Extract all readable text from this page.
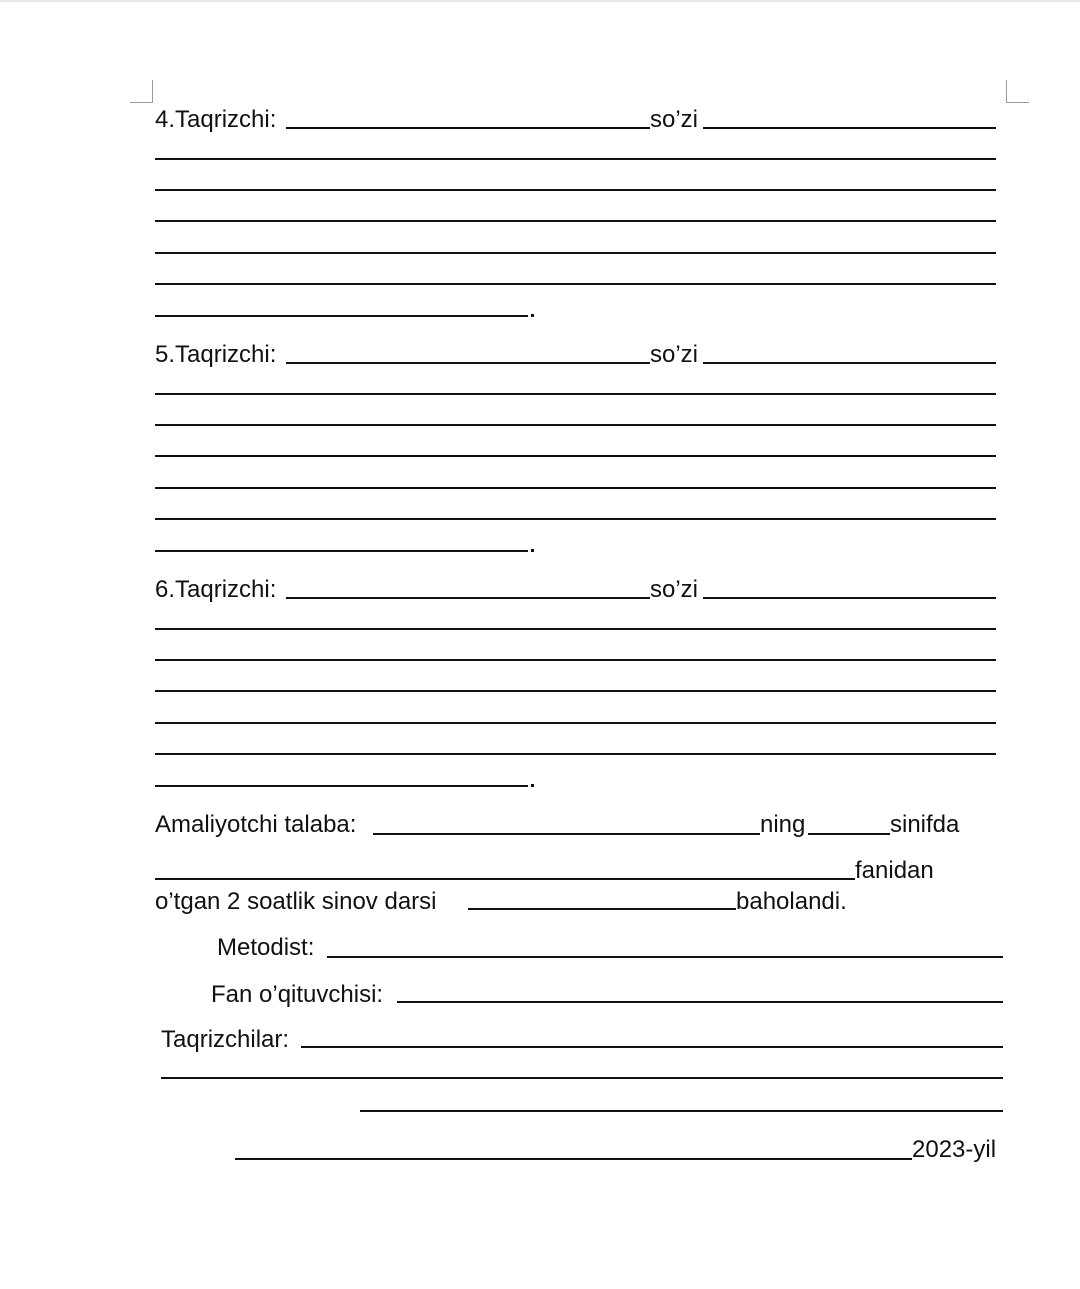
4.Taqrizchi:	so’zi
5.Taqrizchi:	so’zi
6.Taqrizchi:	so’zi
Amaliyotchi talaba:	ning	sinifda
fanidan
o’tgan 2 soatlik sinov darsi	baholandi.
Metodist:
Fan o’qituvchisi:
Taqrizchilar:
2023-yil
